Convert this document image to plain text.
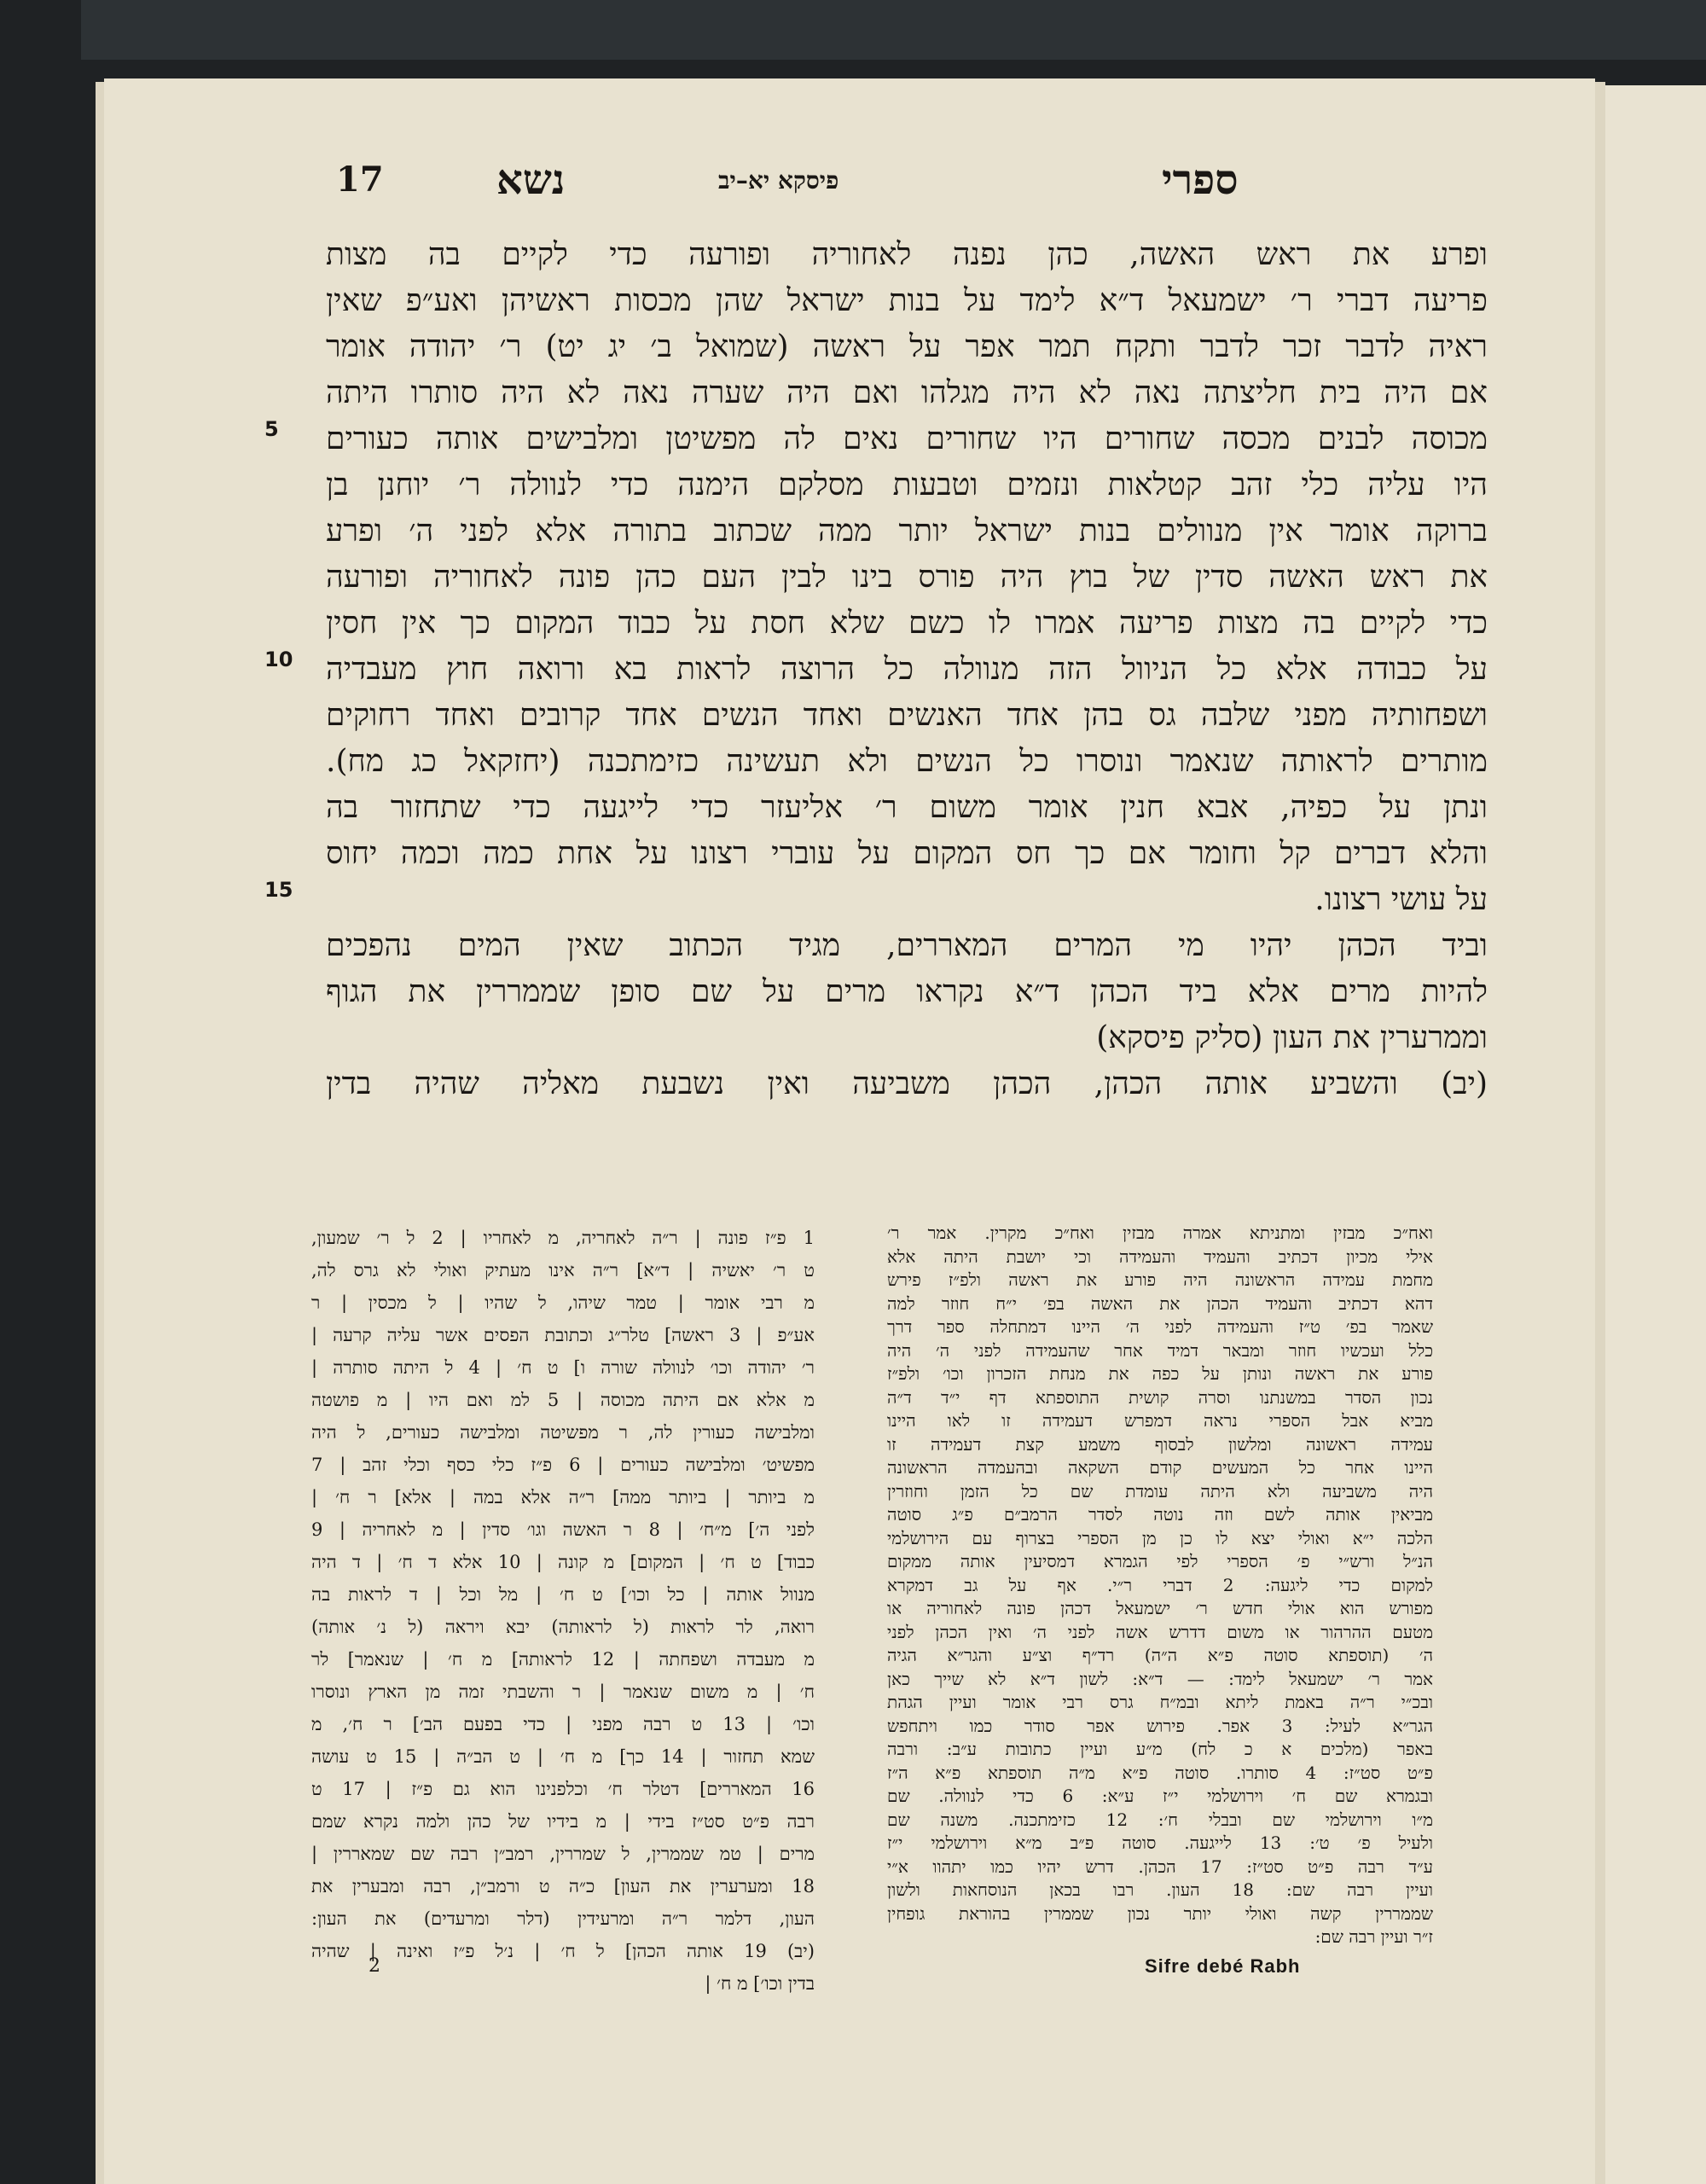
17	נשא	פיסקא יא–יב	ספרי
5
10
15
ופרע את ראש האשה, כהן נפנה לאחוריה ופורעה כדי לקיים בה מצות
פריעה דברי ר׳ ישמעאל ד״א לימד על בנות ישראל שהן מכסות ראשיהן ואע״פ שאין
ראיה לדבר זכר לדבר ותקח תמר אפר על ראשה (שמואל ב׳ יג יט) ר׳ יהודה אומר
אם היה בית חליצתה נאה לא היה מגלהו ואם היה שערה נאה לא היה סותרו היתה
מכוסה לבנים מכסה שחורים היו שחורים נאים לה מפשיטן ומלבישים אותה כעורים
היו עליה כלי זהב קטלאות ונזמים וטבעות מסלקם הימנה כדי לנוולה ר׳ יוחנן בן
ברוקה אומר אין מנוולים בנות ישראל יותר ממה שכתוב בתורה אלא לפני ה׳ ופרע
את ראש האשה סדין של בוץ היה פורס בינו לבין העם כהן פונה לאחוריה ופורעה
כדי לקיים בה מצות פריעה אמרו לו כשם שלא חסת על כבוד המקום כך אין חסין
על כבודה אלא כל הניוול הזה מנוולה כל הרוצה לראות בא ורואה חוץ מעבדיה
ושפחותיה מפני שלבה גס בהן אחד האנשים ואחד הנשים אחד קרובים ואחד רחוקים
מותרים לראותה שנאמר ונוסרו כל הנשים ולא תעשינה כזימתכנה (יחזקאל כג מח).
ונתן על כפיה, אבא חנין אומר משום ר׳ אליעזר כדי לייגעה כדי שתחזור בה
והלא דברים קל וחומר אם כך חס המקום על עוברי רצונו על אחת כמה וכמה יחוס
על עושי רצונו.
וביד הכהן יהיו מי המרים המאררים, מגיד הכתוב שאין המים נהפכים
להיות מרים אלא ביד הכהן ד״א נקראו מרים על שם סופן שממררין את הגוף
וממרערין את העון (סליק פיסקא)
(יב) והשביע אותה הכהן, הכהן משביעה ואין נשבעת מאליה שהיה בדין
ואח״כ מבזין ומתניתא אמרה מבזין ואח״כ מקרין. אמר ר׳
אילי מכיון דכתיב והעמיד והעמידה וכי יושבת היתה אלא
מחמת עמידה הראשונה היה פורע את ראשה ולפ״ז פירש
דהא דכתיב והעמיד הכהן את האשה בפ׳ י״ח חוזר למה
שאמר בפ׳ ט״ז והעמידה לפני ה׳ היינו דמתחלה ספר דרך
כלל ועכשיו חוזר ומבאר דמיד אחר שהעמידה לפני ה׳ היה
פורע את ראשה ונותן על כפה את מנחת הזכרון וכו׳ ולפ״ז
נכון הסדר במשנתנו וסרה קושית התוספתא דף י״ד ד״ה
מביא אבל הספרי נראה דמפרש דעמידה זו לאו היינו
עמידה ראשונה ומלשון לבסוף משמע קצת דעמידה זו
היינו אחר כל המעשים קודם השקאה ובהעמדה הראשונה
היה משביעה ולא היתה עומדת שם כל הזמן וחוזרין
מביאין אותה לשם וזה נוטה לסדר הרמב״ם פ״ג סוטה
הלכה י״א ואולי יצא לו כן מן הספרי בצרוף עם הירושלמי
הנ״ל ורש״י פ׳ הספרי לפי הגמרא דמסיעין אותה ממקום
למקום כדי ליגעה: 2 דברי ר״י. אף על גב דמקרא
מפורש הוא אולי חדש ר׳ ישמעאל דכהן פונה לאחוריה או
מטעם ההרהור או משום דדרש אשה לפני ה׳ ואין הכהן לפני
ה׳ (תוספתא סוטה פ״א ה״ה) רד״ף וצ״ע והגר״א הגיה
אמר ר׳ ישמעאל לימד: — ד״א: לשון ד״א לא שייך כאן
ובכ״י ר״ה באמת ליתא ובמ״ח גרס רבי אומר ועיין הגהת
הגר״א לעיל: 3 אפר. פירוש אפר סודר כמו ויתחפש
באפר (מלכים א כ לח) מ״ע ועיין כתובות ע״ב: ורבה
פ״ט סט״ז: 4 סותרו. סוטה פ״א מ״ה תוספתא פ״א ה״ז
ובגמרא שם ח׳ וירושלמי י״ז ע״א: 6 כדי לנוולה. שם
מ״ו וירושלמי שם ובבלי ח׳: 12 כזימתכנה. משנה שם
ולעיל פ׳ ט׳: 13 לייגעה. סוטה פ״ב מ״א וירושלמי י״ז
ע״ד רבה פ״ט סט״ז: 17 הכהן. דרש יהיו כמו יתהוו א״י
ועיין רבה שם: 18 העון. רבו בכאן הנוסחאות ולשון
שממררין קשה ואולי יותר נכון שממרין בהוראת גופחין
ז״ר ועיין רבה שם:
1 פ״ז פונה | ר״ה לאחריה, מ לאחריו | 2 ל ר׳ שמעון,
ט ר׳ יאשיה | ד״א] ר״ה אינו מעתיק ואולי לא גרס לה,
מ רבי אומר | טמר שיהו, ל שהיו | ל מכסין | ר
אע״פ | 3 ראשה] טלר״ג וכתובת הפסים אשר עליה קרעה |
ר׳ יהודה וכו׳ לנוולה שורה ו] ט ח׳ | 4 ל היתה סותרה |
מ אלא אם היתה מכוסה | 5 למ ואם היו | מ פושטה
ומלבישה כעורין לה, ר מפשיטה ומלבישה כעורים, ל היה
מפשיט׳ ומלבישה כעורים | 6 פ״ז כלי כסף וכלי זהב | 7
מ ביותר | ביותר ממה] ר״ה אלא במה | אלא] ר ח׳ |
לפני ה׳] מ״ח׳ | 8 ר האשה וגו׳ סדין | מ לאחריה | 9
כבוד] ט ח׳ | המקום] מ קונה | 10 אלא ד ח׳ | ד היה
מנוול אותה | כל וכו׳] ט ח׳ | מל וכל | ד לראות בה
רואה, לר לראות (ל לראותה) יבא ויראה (ל נ׳ אותה)
מ מעבדה ושפחתה | 12 לראותה] מ ח׳ | שנאמר] לר
ח׳ | מ משום שנאמר | ר והשבתי זמה מן הארץ ונוסרו
וכו׳ | 13 ט רבה מפני | כדי בפעם הב׳] ר ח׳, מ
שמא תחזור | 14 כך] מ ח׳ | ט הב״ה | 15 ט עושה
16 המאררים] דטלר ח׳ וכלפנינו הוא גם פ״ז | 17 ט
רבה פ״ט סט״ז בידי | מ בידיו של כהן ולמה נקרא שמם
מרים | טמ שממרין, ל שמררין, רמב״ן רבה שם שמאררין |
18 ומערערין את העון] כ״ה ט ורמב״ן, רבה ומבערין את
העון, דלמר ר״ה ומרעידין (דלר ומרעדים) את העון:
(יב) 19 אותה הכהן] ל ח׳ | נ׳ל פ״ז ואינה | שהיה
בדין וכו׳] מ ח׳ |
2	Sifre debé Rabh
